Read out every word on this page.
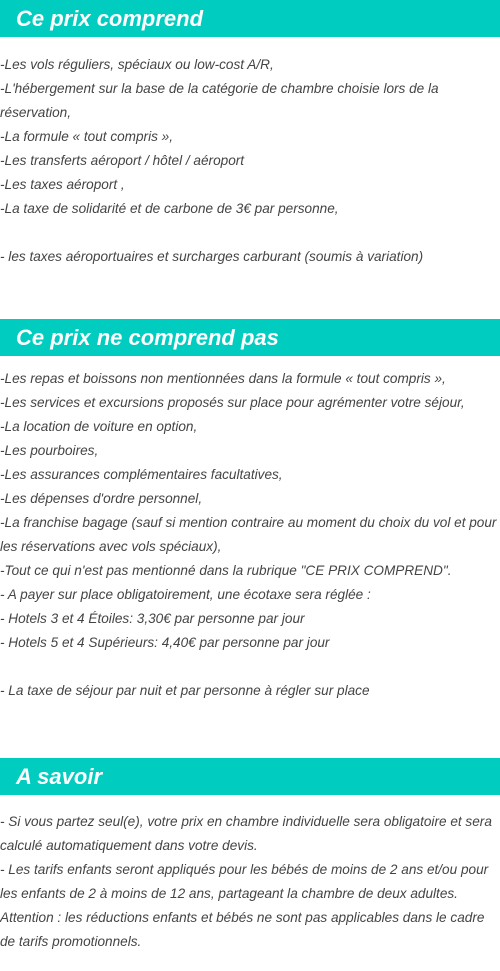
Ce prix comprend
-Les vols réguliers, spéciaux ou low-cost A/R,
-L'hébergement sur la base de la catégorie de chambre choisie lors de la réservation,
-La formule « tout compris »,
-Les transferts aéroport / hôtel / aéroport
-Les taxes aéroport ,
-La taxe de solidarité et de carbone de 3€ par personne,
- les taxes aéroportuaires et surcharges carburant (soumis à variation)
Ce prix ne comprend pas
-Les repas et boissons non mentionnées dans la formule « tout compris »,
-Les services et excursions proposés sur place pour agrémenter votre séjour,
-La location de voiture en option,
-Les pourboires,
-Les assurances complémentaires facultatives,
-Les dépenses d'ordre personnel,
-La franchise bagage (sauf si mention contraire au moment du choix du vol et pour les réservations avec vols spéciaux),
-Tout ce qui n'est pas mentionné dans la rubrique "CE PRIX COMPREND".
- A payer sur place obligatoirement, une écotaxe sera réglée :
- Hotels 3 et 4 Étoiles: 3,30€ par personne par jour
- Hotels 5 et 4 Supérieurs: 4,40€ par personne par jour
- La taxe de séjour par nuit et par personne à régler sur place
A savoir
- Si vous partez seul(e), votre prix en chambre individuelle sera obligatoire et sera calculé automatiquement dans votre devis.
- Les tarifs enfants seront appliqués pour les bébés de moins de 2 ans et/ou pour les enfants de 2 à moins de 12 ans, partageant la chambre de deux adultes.
Attention : les réductions enfants et bébés ne sont pas applicables dans le cadre de tarifs promotionnels.
